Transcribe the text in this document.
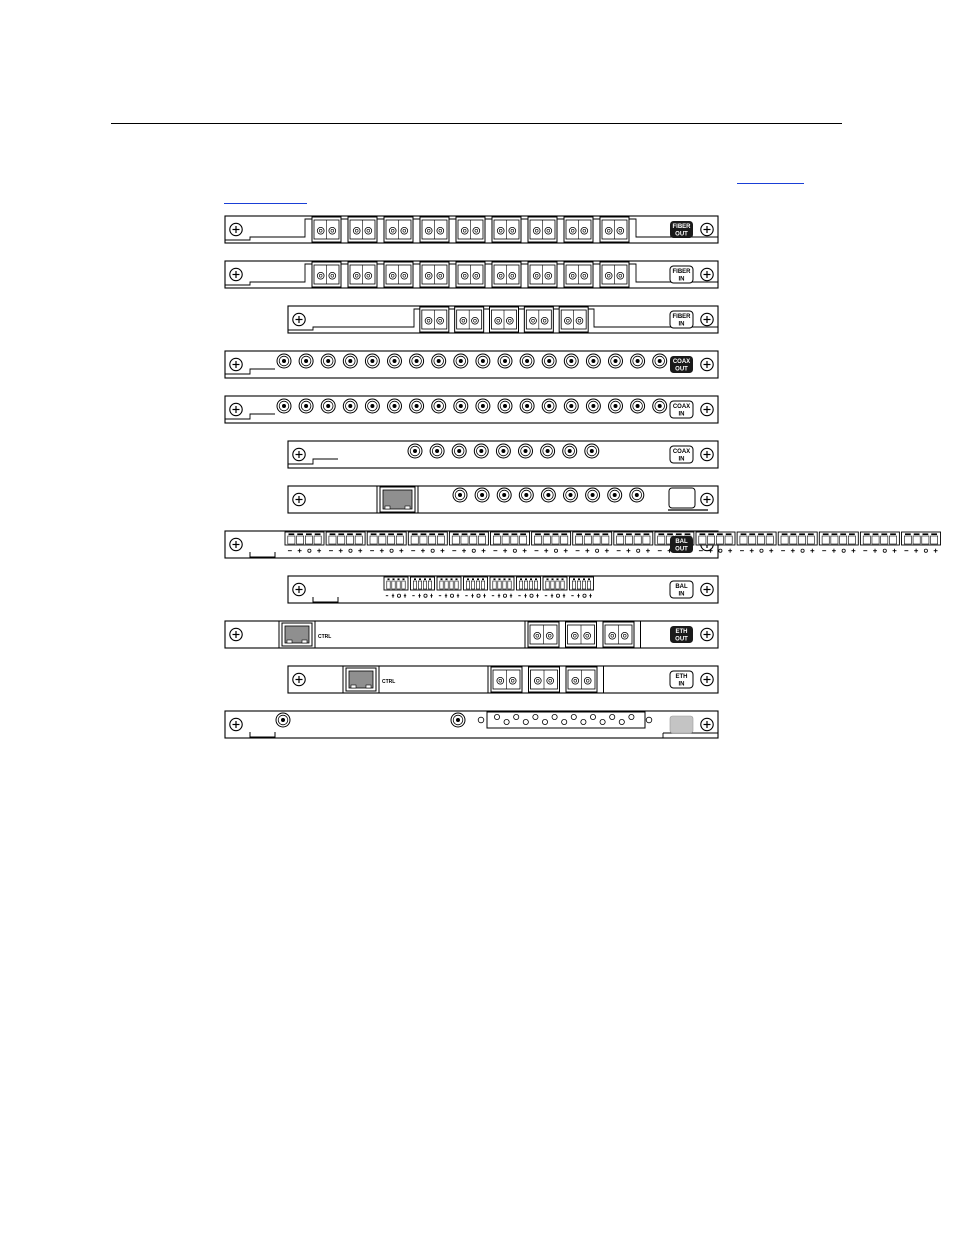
FIBER
OUT
FIBER
IN
FIBER
IN
COAX
OUT
COAX
IN
COAX
IN
BAL
OUT
BAL
IN
CTRL
ETH
OUT
CTRL
ETH
IN
